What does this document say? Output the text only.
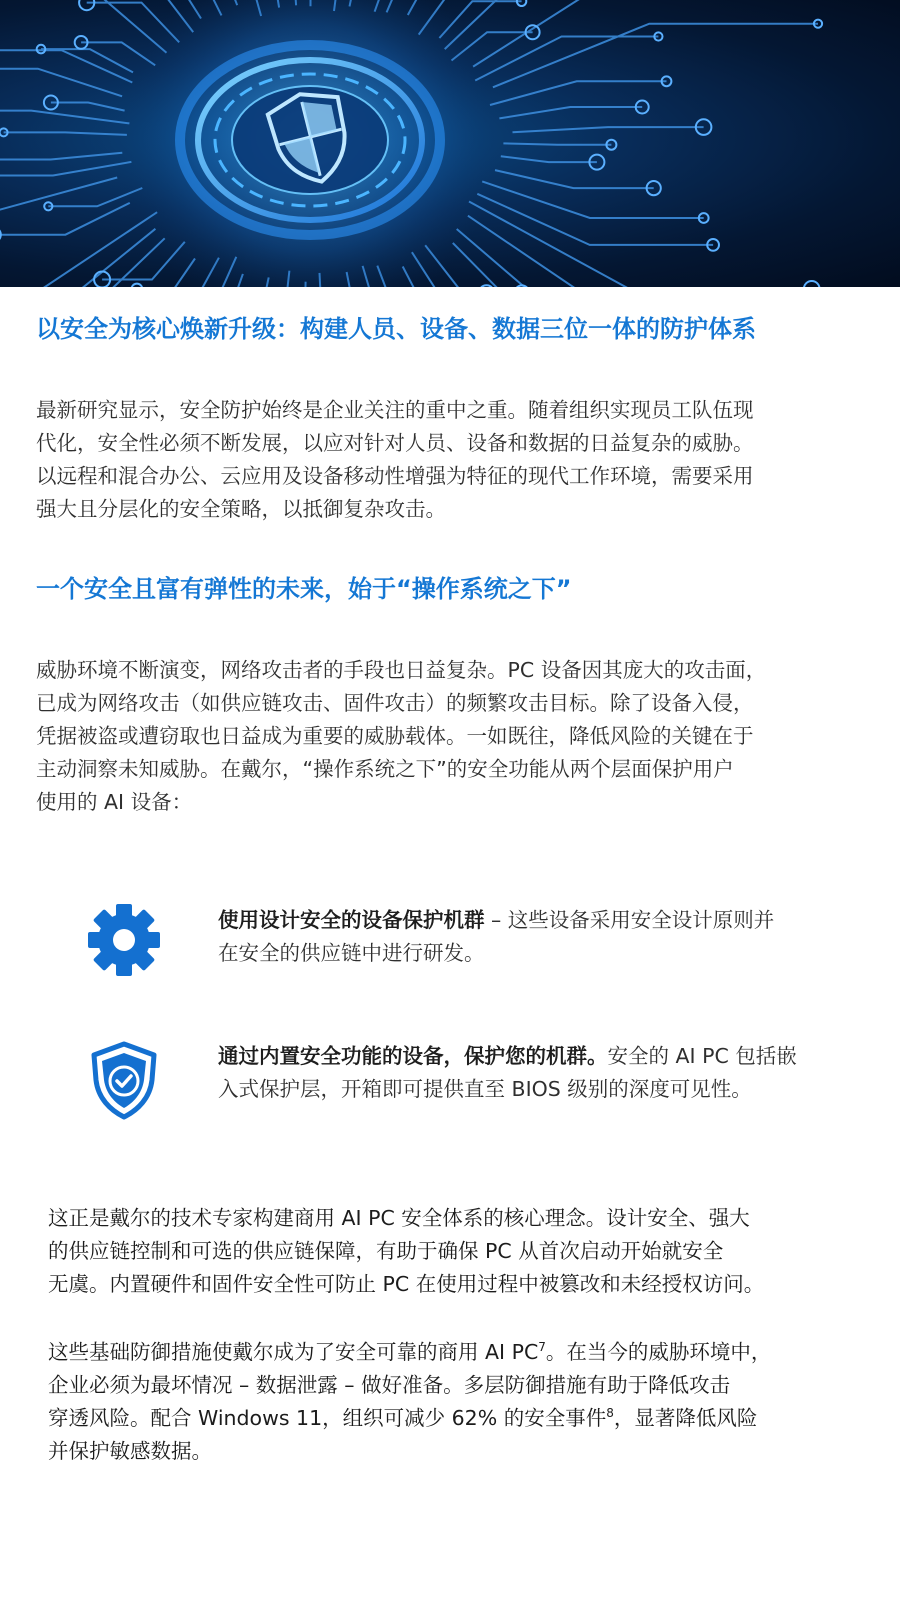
以安全为核心焕新升级：构建人员、设备、数据三位一体的防护体系

最新研究显示，安全防护始终是企业关注的重中之重。随着组织实现员工队伍现
代化，安全性必须不断发展，以应对针对人员、设备和数据的日益复杂的威胁。
以远程和混合办公、云应用及设备移动性增强为特征的现代工作环境，需要采用
强大且分层化的安全策略，以抵御复杂攻击。

一个安全且富有弹性的未来，始于“操作系统之下”

威胁环境不断演变，网络攻击者的手段也日益复杂。PC 设备因其庞大的攻击面，
已成为网络攻击（如供应链攻击、固件攻击）的频繁攻击目标。除了设备入侵，
凭据被盗或遭窃取也日益成为重要的威胁载体。一如既往，降低风险的关键在于
主动洞察未知威胁。在戴尔，“操作系统之下”的安全功能从两个层面保护用户
使用的 AI 设备：

使用设计安全的设备保护机群 – 这些设备采用安全设计原则并
在安全的供应链中进行研发。

通过内置安全功能的设备，保护您的机群。安全的 AI PC 包括嵌
入式保护层，开箱即可提供直至 BIOS 级别的深度可见性。

这正是戴尔的技术专家构建商用 AI PC 安全体系的核心理念。设计安全、强大
的供应链控制和可选的供应链保障，有助于确保 PC 从首次启动开始就安全
无虞。内置硬件和固件安全性可防止 PC 在使用过程中被篡改和未经授权访问。

这些基础防御措施使戴尔成为了安全可靠的商用 AI $PC^7$。在当今的威胁环境中，
企业必须为最坏情况 – 数据泄露 – 做好准备。多层防御措施有助于降低攻击
穿透风险。配合 Windows 11，组织可减少 62% 的安全事件$^8$，显著降低风险
并保护敏感数据。
